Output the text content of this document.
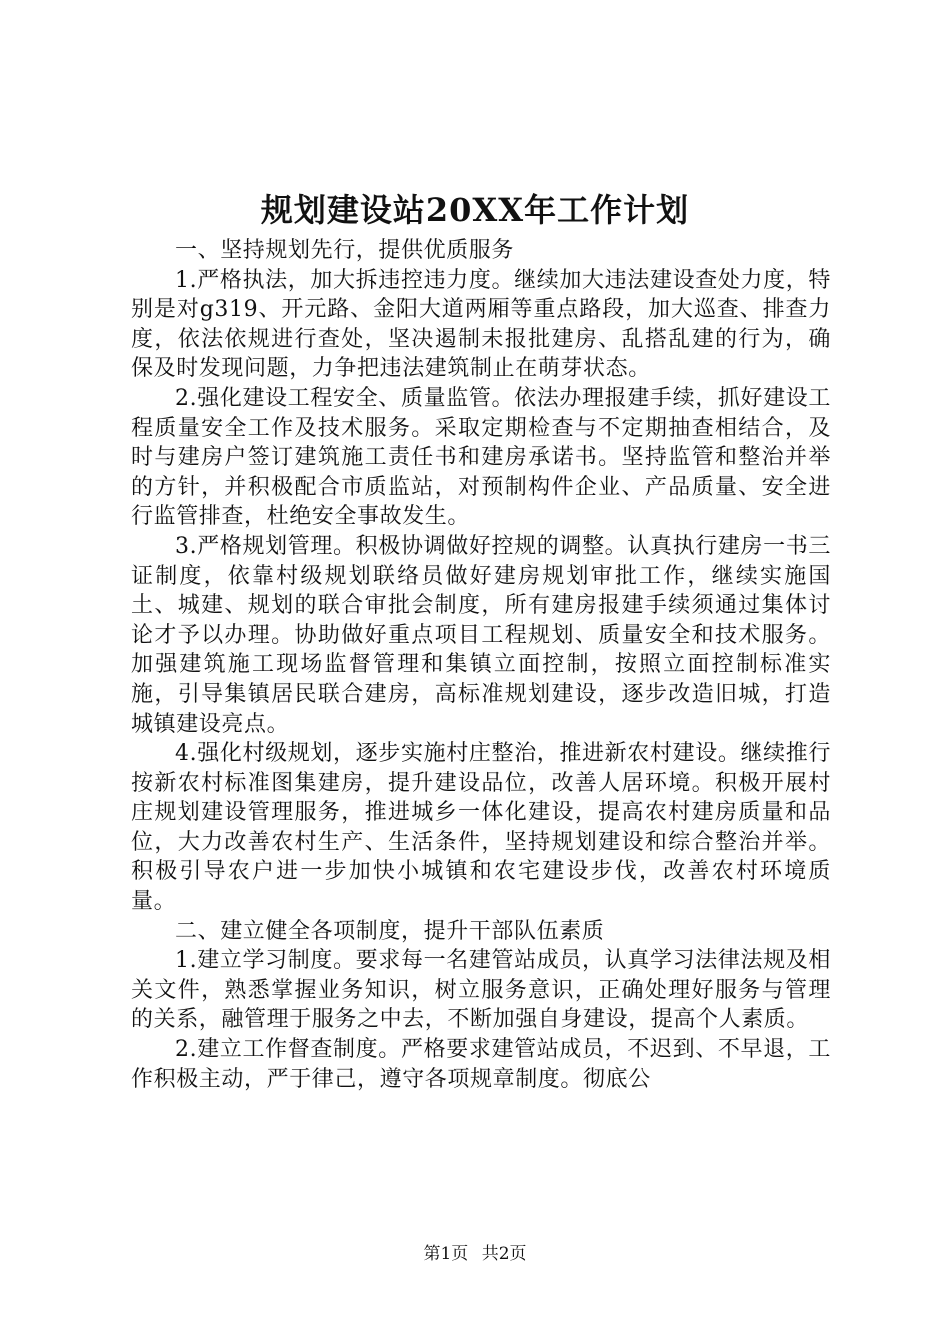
规划建设站20XX年工作计划

一、坚持规划先行，提供优质服务

1.严格执法，加大拆违控违力度。继续加大违法建设查处力度，特别是对g319、开元路、金阳大道两厢等重点路段，加大巡查、排查力度，依法依规进行查处，坚决遏制未报批建房、乱搭乱建的行为，确保及时发现问题，力争把违法建筑制止在萌芽状态。

2.强化建设工程安全、质量监管。依法办理报建手续，抓好建设工程质量安全工作及技术服务。采取定期检查与不定期抽查相结合，及时与建房户签订建筑施工责任书和建房承诺书。坚持监管和整治并举的方针，并积极配合市质监站，对预制构件企业、产品质量、安全进行监管排查，杜绝安全事故发生。

3.严格规划管理。积极协调做好控规的调整。认真执行建房一书三证制度，依靠村级规划联络员做好建房规划审批工作，继续实施国土、城建、规划的联合审批会制度，所有建房报建手续须通过集体讨论才予以办理。协助做好重点项目工程规划、质量安全和技术服务。加强建筑施工现场监督管理和集镇立面控制，按照立面控制标准实施，引导集镇居民联合建房，高标准规划建设，逐步改造旧城，打造城镇建设亮点。

4.强化村级规划，逐步实施村庄整治，推进新农村建设。继续推行按新农村标准图集建房，提升建设品位，改善人居环境。积极开展村庄规划建设管理服务，推进城乡一体化建设，提高农村建房质量和品位，大力改善农村生产、生活条件，坚持规划建设和综合整治并举。积极引导农户进一步加快小城镇和农宅建设步伐，改善农村环境质量。

二、建立健全各项制度，提升干部队伍素质

1.建立学习制度。要求每一名建管站成员，认真学习法律法规及相关文件，熟悉掌握业务知识，树立服务意识，正确处理好服务与管理的关系，融管理于服务之中去，不断加强自身建设，提高个人素质。

2.建立工作督查制度。严格要求建管站成员，不迟到、不早退，工作积极主动，严于律己，遵守各项规章制度。彻底公

第1页 共2页
